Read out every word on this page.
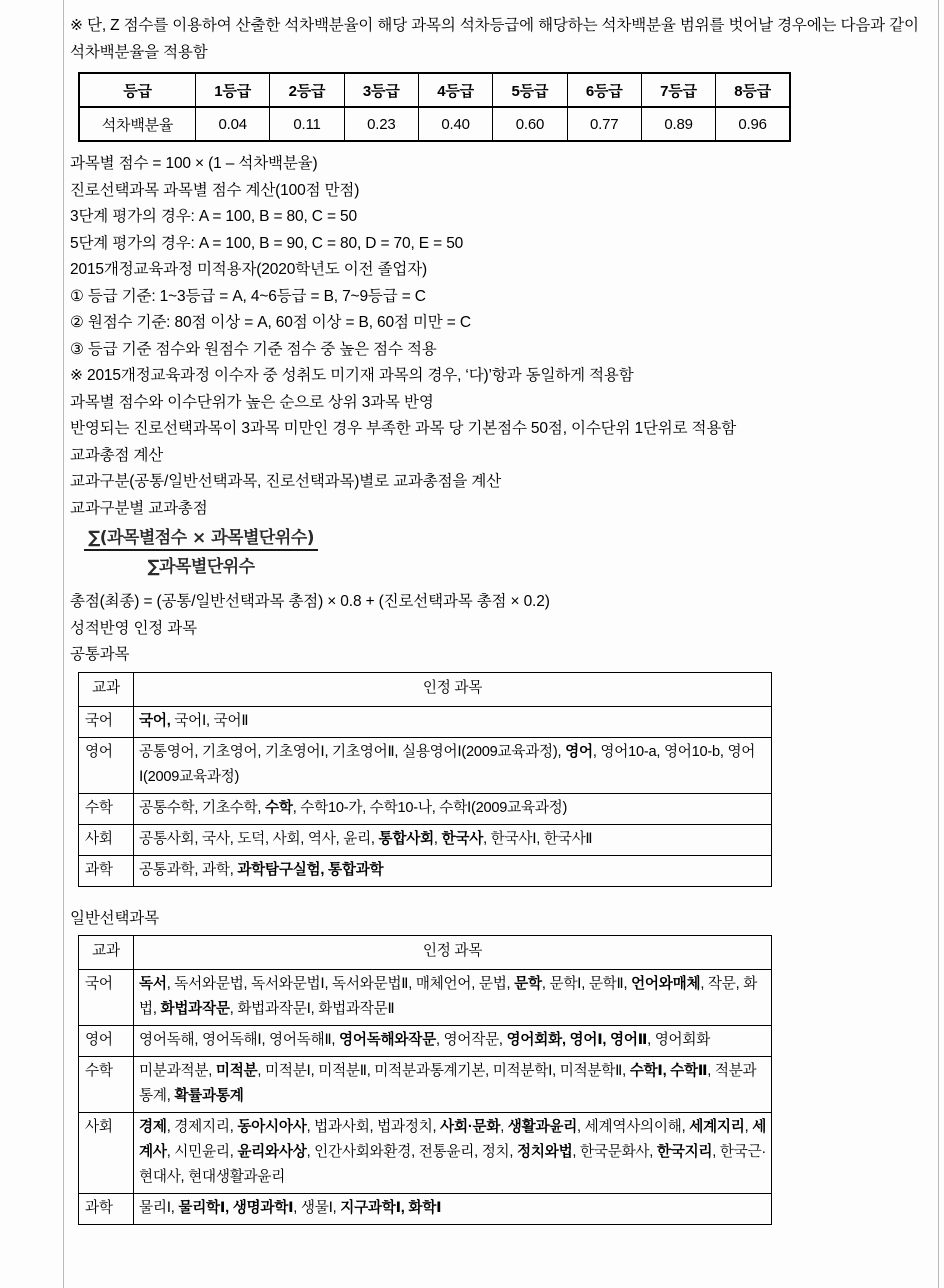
※ 단, Z 점수를 이용하여 산출한 석차백분율이 해당 과목의 석차등급에 해당하는 석차백분율 범위를 벗어날 경우에는 다음과 같이 석차백분율을 적용함

등급	1등급	2등급	3등급	4등급	5등급	6등급	7등급	8등급
석차백분율	0.04	0.11	0.23	0.40	0.60	0.77	0.89	0.96

과목별 점수 = 100 × (1 – 석차백분율)

진로선택과목 과목별 점수 계산(100점 만점)

3단계 평가의 경우: A = 100, B = 80, C = 50

5단계 평가의 경우: A = 100, B = 90, C = 80, D = 70, E = 50

2015개정교육과정 미적용자(2020학년도 이전 졸업자)

① 등급 기준: 1~3등급 = A, 4~6등급 = B, 7~9등급 = C

② 원점수 기준: 80점 이상 = A, 60점 이상 = B, 60점 미만 = C

③ 등급 기준 점수와 원점수 기준 점수 중 높은 점수 적용

※ 2015개정교육과정 이수자 중 성취도 미기재 과목의 경우, ‘다)’항과 동일하게 적용함

과목별 점수와 이수단위가 높은 순으로 상위 3과목 반영

반영되는 진로선택과목이 3과목 미만인 경우 부족한 과목 당 기본점수 50점, 이수단위 1단위로 적용함

교과총점 계산

교과구분(공통/일반선택과목, 진로선택과목)별로 교과총점을 계산

교과구분별 교과총점

$\frac{\text{∑(과목별점수 × 과목별단위수)}}{\text{∑과목별단위수}}$

총점(최종) = (공통/일반선택과목 총점) × 0.8 + (진로선택과목 총점 × 0.2)

성적반영 인정 과목

공통과목

교과	인정 과목
국어	국어, 국어Ⅰ, 국어Ⅱ
영어	공통영어, 기초영어, 기초영어Ⅰ, 기초영어Ⅱ, 실용영어Ⅰ(2009교육과정), 영어, 영어10-a, 영어10-b, 영어Ⅰ(2009교육과정)
수학	공통수학, 기초수학, 수학, 수학10-가, 수학10-나, 수학Ⅰ(2009교육과정)
사회	공통사회, 국사, 도덕, 사회, 역사, 윤리, 통합사회, 한국사, 한국사Ⅰ, 한국사Ⅱ
과학	공통과학, 과학, 과학탐구실험, 통합과학

일반선택과목

교과	인정 과목
국어	독서, 독서와문법, 독서와문법Ⅰ, 독서와문법Ⅱ, 매체언어, 문법, 문학, 문학Ⅰ, 문학Ⅱ, 언어와매체, 작문, 화법, 화법과작문, 화법과작문Ⅰ, 화법과작문Ⅱ
영어	영어독해, 영어독해Ⅰ, 영어독해Ⅱ, 영어독해와작문, 영어작문, 영어회화, 영어Ⅰ, 영어Ⅱ, 영어회화
수학	미분과적분, 미적분, 미적분Ⅰ, 미적분Ⅱ, 미적분과통계기본, 미적분학Ⅰ, 미적분학Ⅱ, 수학Ⅰ, 수학Ⅱ, 적분과통계, 확률과통계
사회	경제, 경제지리, 동아시아사, 법과사회, 법과정치, 사회·문화, 생활과윤리, 세계역사의이해, 세계지리, 세계사, 시민윤리, 윤리와사상, 인간사회와환경, 전통윤리, 정치, 정치와법, 한국문화사, 한국지리, 한국근·현대사, 현대생활과윤리
과학	물리Ⅰ, 물리학Ⅰ, 생명과학Ⅰ, 생물Ⅰ, 지구과학Ⅰ, 화학Ⅰ
